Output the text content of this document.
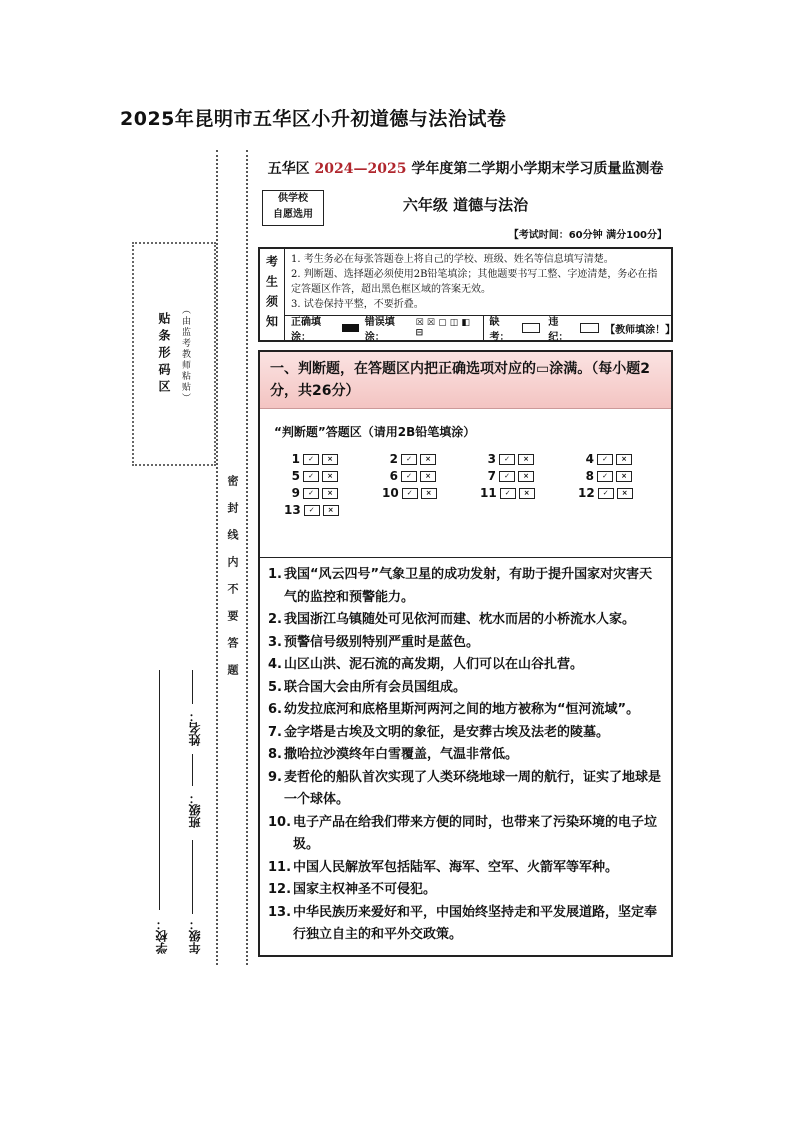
2025年昆明市五华区小升初道德与法治试卷
贴条形码区 （由监考教师粘贴）
密封线内不要答题
学校： 年级：
班级：
姓名：
五华区 2024—2025 学年度第二学期小学期末学习质量监测卷
供学校
自愿选用
六年级 道德与法治
【考试时间：60分钟 满分100分】
考生须知 1. 考生务必在每张答题卷上将自己的学校、班级、姓名等信息填写清楚。
2. 判断题、选择题必须使用2B铅笔填涂；其他题要书写工整、字迹清楚，务必在指定答题区作答，超出黑色框区域的答案无效。
3. 试卷保持平整，不要折叠。
正确填涂：
错误填涂：
☒ ☒ ▢ ◫ ◧ ⊟
缺考：
违纪：
【教师填涂！】
一、判断题，在答题区内把正确选项对应的▭涂满。（每小题2分，共26分）
“判断题”答题区（请用2B铅笔填涂）
1	✓	×	2	✓	×	3	✓	×	4	✓	×
5	✓	×	6	✓	×	7	✓	×	8	✓	×
9	✓	×	10	✓	×	11	✓	×	12	✓	×
13	✓	×
1. 我国“风云四号”气象卫星的成功发射，有助于提升国家对灾害天气的监控和预警能力。
2. 我国浙江乌镇随处可见依河而建、枕水而居的小桥流水人家。
3. 预警信号级别特别严重时是蓝色。
4. 山区山洪、泥石流的高发期，人们可以在山谷扎营。
5. 联合国大会由所有会员国组成。
6. 幼发拉底河和底格里斯河两河之间的地方被称为“恒河流域”。
7. 金字塔是古埃及文明的象征，是安葬古埃及法老的陵墓。
8. 撒哈拉沙漠终年白雪覆盖，气温非常低。
9. 麦哲伦的船队首次实现了人类环绕地球一周的航行，证实了地球是一个球体。
10. 电子产品在给我们带来方便的同时，也带来了污染环境的电子垃圾。
11. 中国人民解放军包括陆军、海军、空军、火箭军等军种。
12. 国家主权神圣不可侵犯。
13. 中华民族历来爱好和平，中国始终坚持走和平发展道路，坚定奉行独立自主的和平外交政策。
